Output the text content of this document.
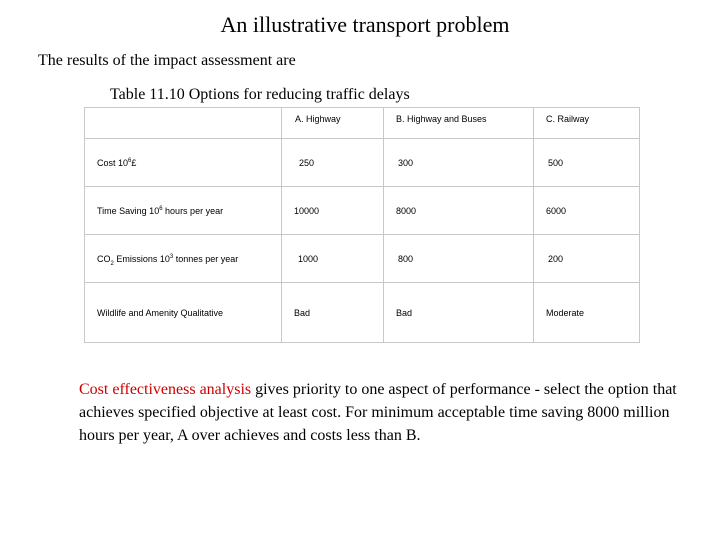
An illustrative transport problem
The results of the impact assessment are
Table 11.10 Options for reducing traffic delays
	A. Highway	B. Highway and Buses	C. Railway
Cost $10^6£$	250	300	500
Time Saving $10^6$ hours per year	10000	8000	6000
$CO_2$ Emissions $10^3$ tonnes per year	1000	800	200
Wildlife and Amenity Qualitative	Bad	Bad	Moderate
Cost effectiveness analysis gives priority to one aspect of performance - select the option that achieves specified objective at least cost. For minimum acceptable time saving 8000 million hours per year, A over achieves and costs less than B.
